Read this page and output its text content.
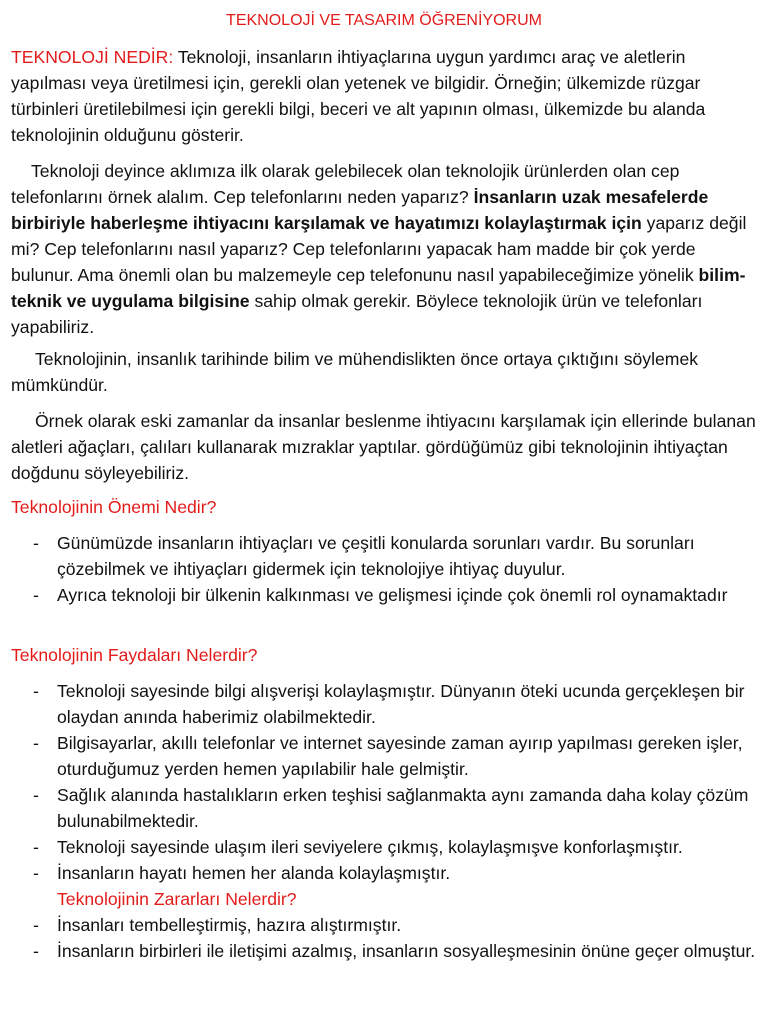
TEKNOLOJİ VE TASARIM ÖĞRENİYORUM

TEKNOLOJİ NEDİR: Teknoloji, insanların ihtiyaçlarına uygun yardımcı araç ve aletlerin yapılması veya üretilmesi için, gerekli olan yetenek ve bilgidir. Örneğin; ülkemizde rüzgar türbinleri üretilebilmesi için gerekli bilgi, beceri ve alt yapının olması, ülkemizde bu alanda teknolojinin olduğunu gösterir.

Teknoloji deyince aklımıza ilk olarak gelebilecek olan teknolojik ürünlerden olan cep telefonlarını örnek alalım. Cep telefonlarını neden yaparız? İnsanların uzak mesafelerde birbiriyle haberleşme ihtiyacını karşılamak ve hayatımızı kolaylaştırmak için yaparız değil mi? Cep telefonlarını nasıl yaparız? Cep telefonlarını yapacak ham madde bir çok yerde bulunur. Ama önemli olan bu malzemeyle cep telefonunu nasıl yapabileceğimize yönelik bilim-teknik ve uygulama bilgisine sahip olmak gerekir. Böylece teknolojik ürün ve telefonları yapabiliriz.

Teknolojinin, insanlık tarihinde bilim ve mühendislikten önce ortaya çıktığını söylemek mümkündür.

Örnek olarak eski zamanlar da insanlar beslenme ihtiyacını karşılamak için ellerinde bulanan aletleri ağaçları, çalıları kullanarak mızraklar yaptılar. gördüğümüz gibi teknolojinin ihtiyaçtan doğdunu söyleyebiliriz.

Teknolojinin Önemi Nedir?

- Günümüzde insanların ihtiyaçları ve çeşitli konularda sorunları vardır. Bu sorunları çözebilmek ve ihtiyaçları gidermek için teknolojiye ihtiyaç duyulur.
- Ayrıca teknoloji bir ülkenin kalkınması ve gelişmesi içinde çok önemli rol oynamaktadır

Teknolojinin Faydaları Nelerdir?

- Teknoloji sayesinde bilgi alışverişi kolaylaşmıştır. Dünyanın öteki ucunda gerçekleşen bir olaydan anında haberimiz olabilmektedir.
- Bilgisayarlar, akıllı telefonlar ve internet sayesinde zaman ayırıp yapılması gereken işler, oturduğumuz yerden hemen yapılabilir hale gelmiştir.
- Sağlık alanında hastalıkların erken teşhisi sağlanmakta aynı zamanda daha kolay çözüm bulunabilmektedir.
- Teknoloji sayesinde ulaşım ileri seviyelere çıkmış, kolaylaşmışve konforlaşmıştır.
- İnsanların hayatı hemen her alanda kolaylaşmıştır.
Teknolojinin Zararları Nelerdir?
- İnsanları tembelleştirmiş, hazıra alıştırmıştır.
- İnsanların birbirleri ile iletişimi azalmış, insanların sosyalleşmesinin önüne geçer olmuştur.
